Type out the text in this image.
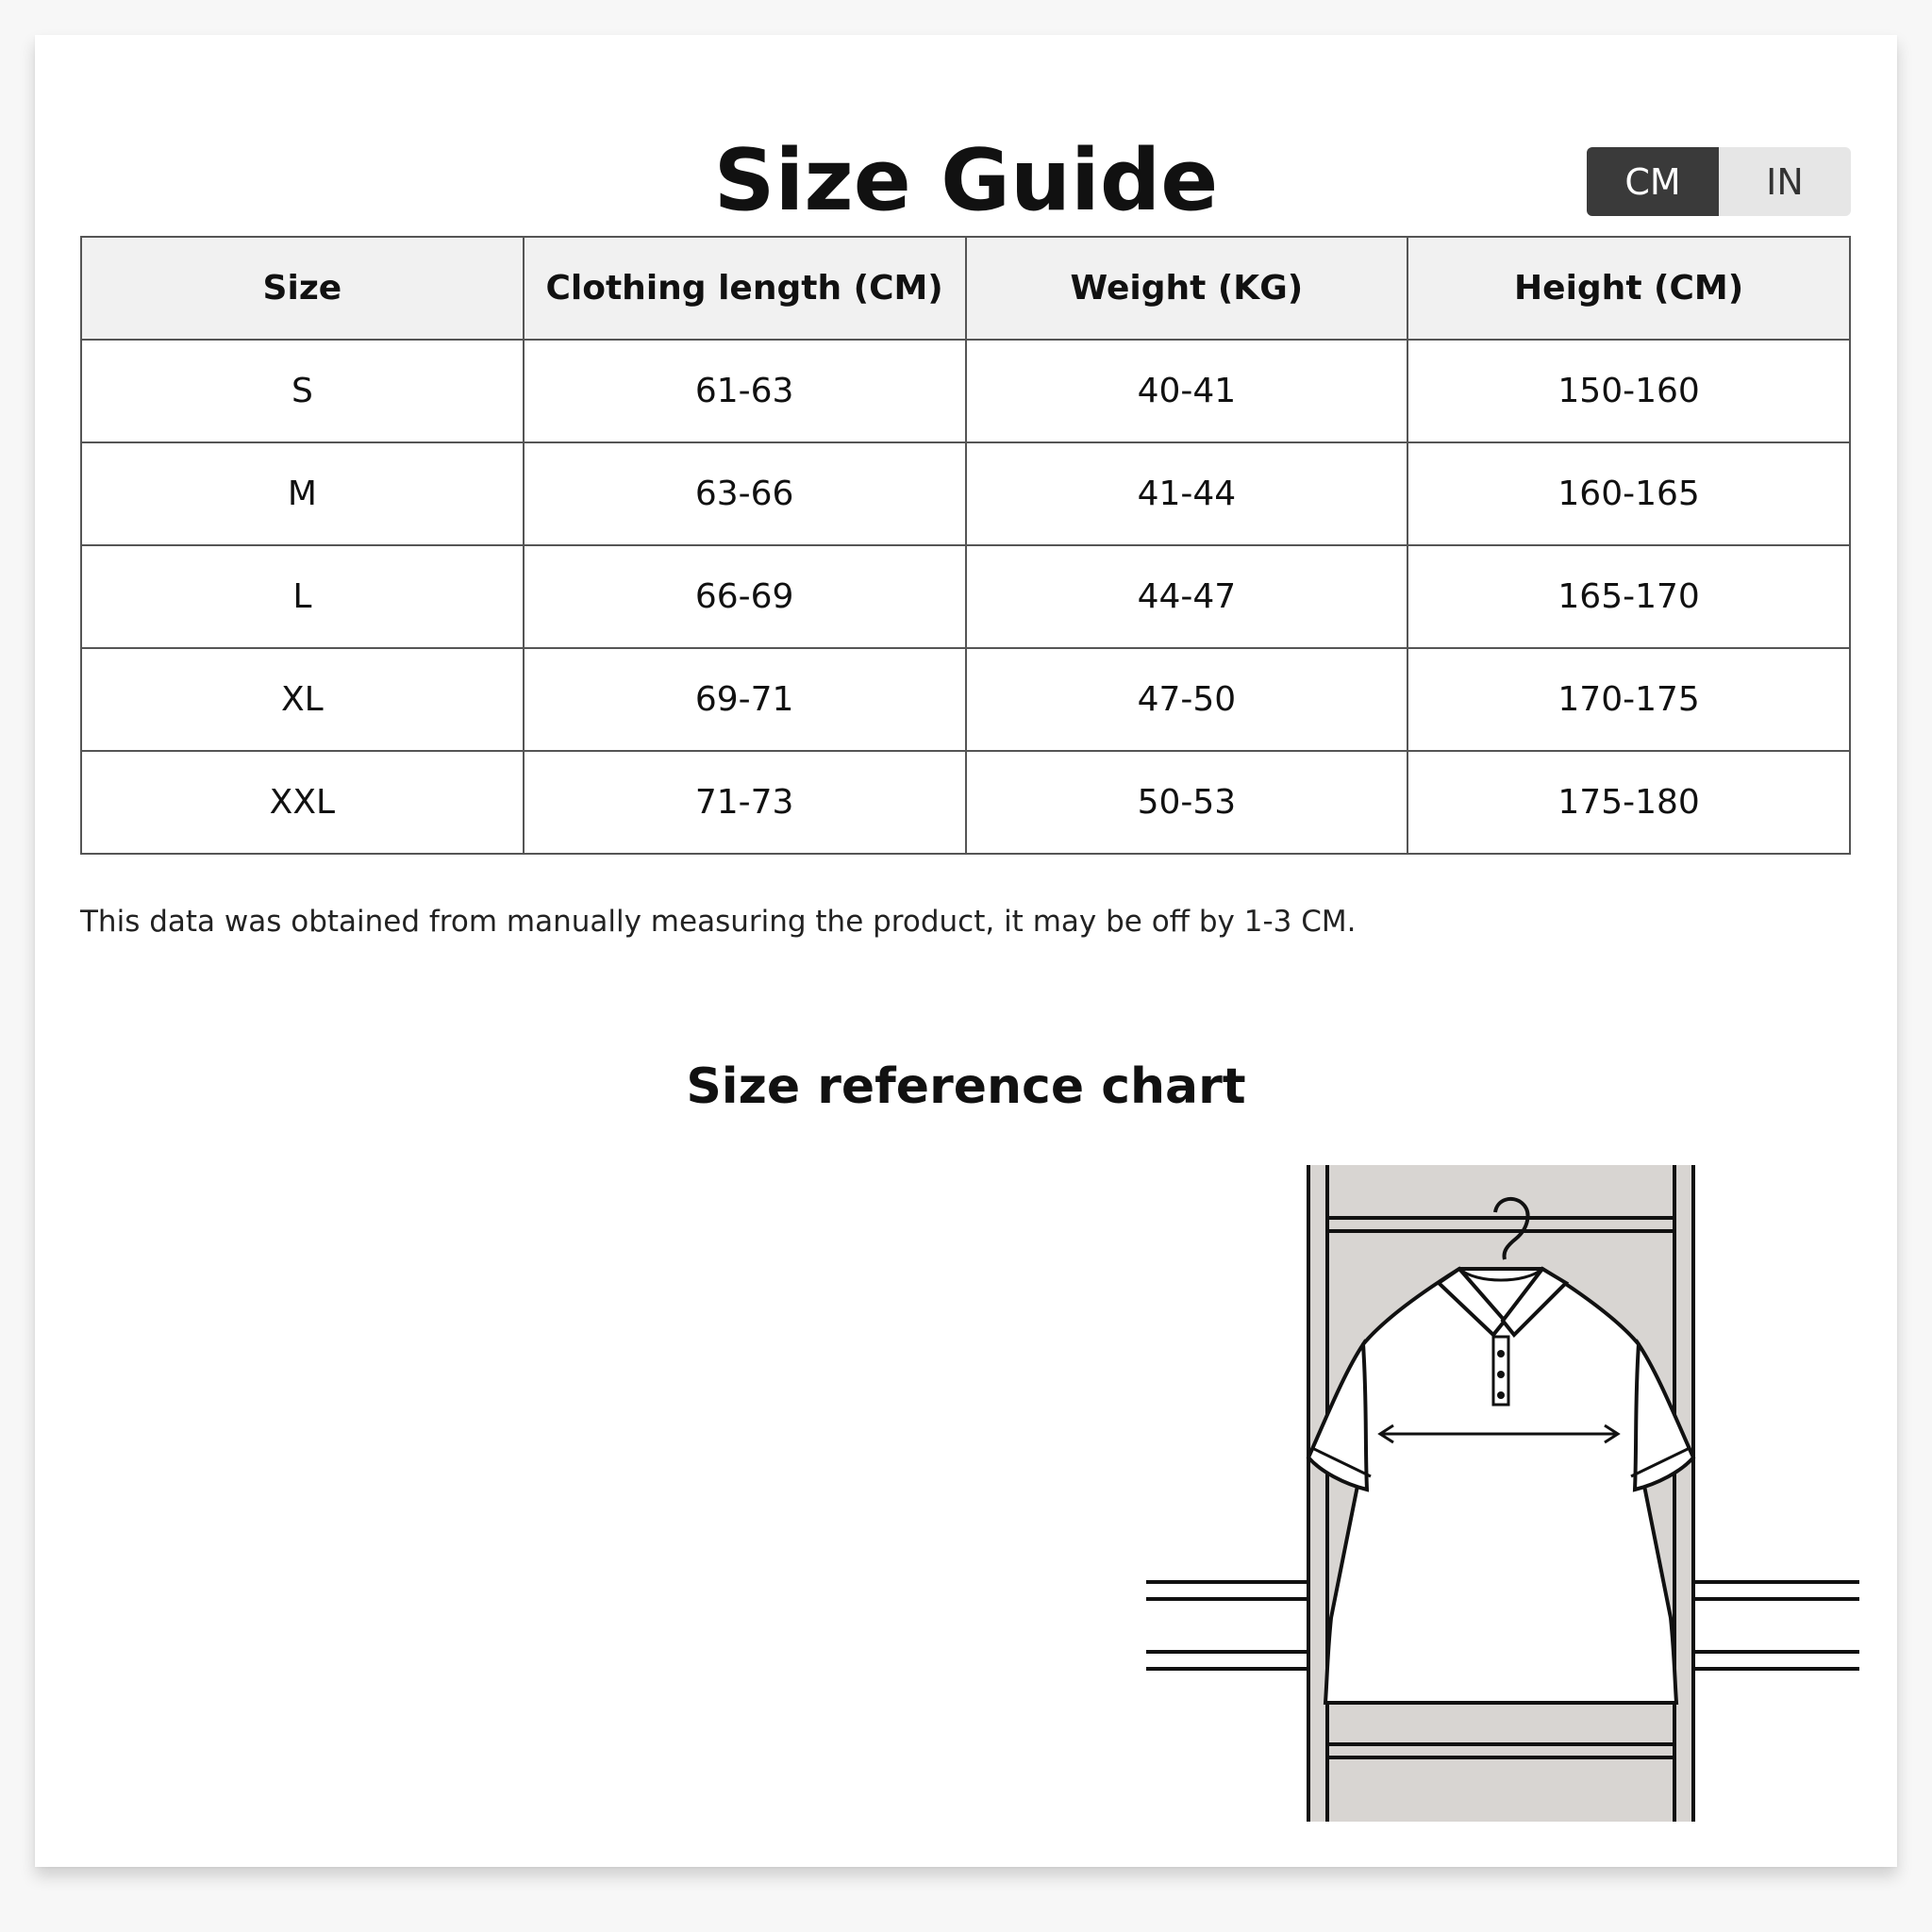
Size Guide	CM	IN
Size	Clothing length (CM)	Weight (KG)	Height (CM)
S	61-63	40-41	150-160
M	63-66	41-44	160-165
L	66-69	44-47	165-170
XL	69-71	47-50	170-175
XXL	71-73	50-53	175-180

This data was obtained from manually measuring the product, it may be off by 1-3 CM.

Size reference chart
